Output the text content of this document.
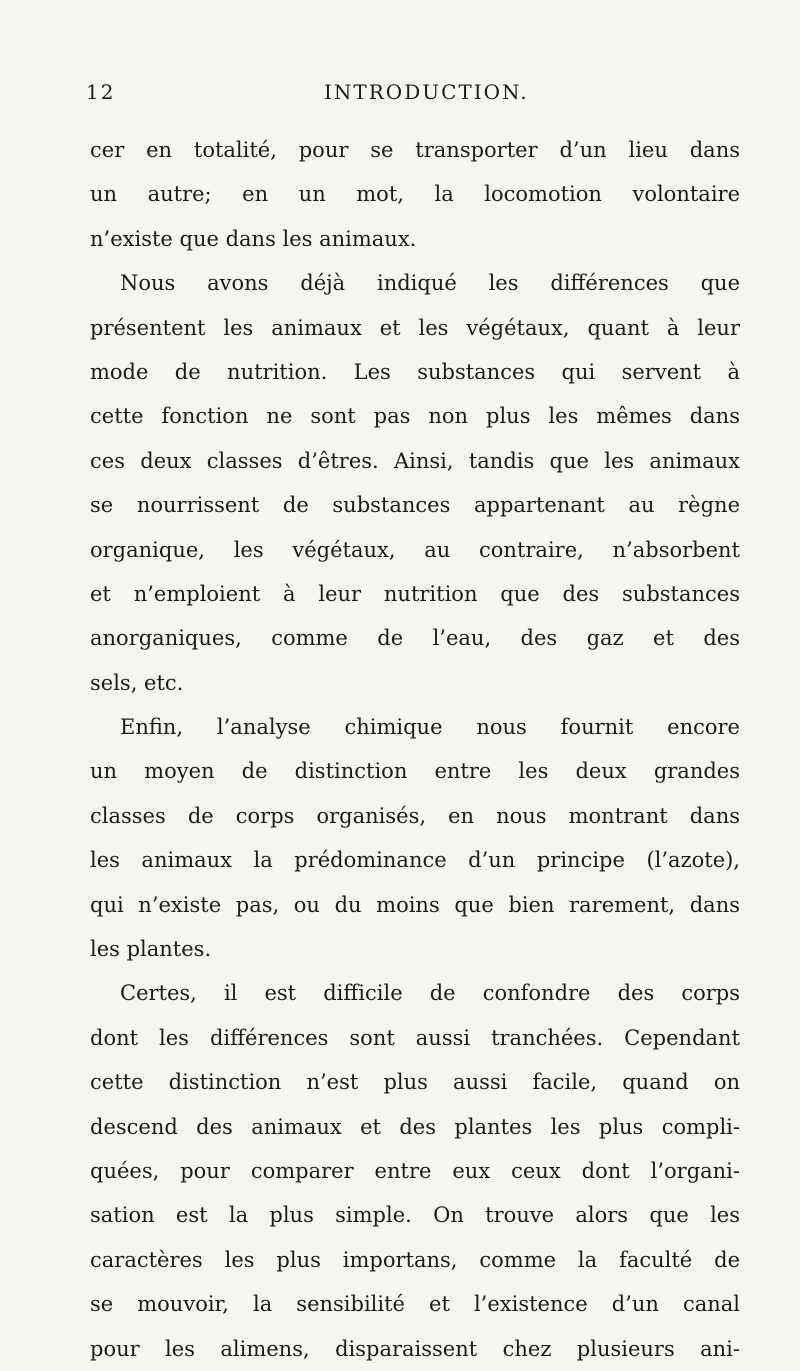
12	INTRODUCTION.
cer en totalité, pour se transporter d’un lieu dans
un autre; en un mot, la locomotion volontaire
n’existe que dans les animaux.
Nous avons déjà indiqué les différences que
présentent les animaux et les végétaux, quant à leur
mode de nutrition. Les substances qui servent à
cette fonction ne sont pas non plus les mêmes dans
ces deux classes d’êtres. Ainsi, tandis que les animaux
se nourrissent de substances appartenant au règne
organique, les végétaux, au contraire, n’absorbent
et n’emploient à leur nutrition que des substances
anorganiques, comme de l’eau, des gaz et des
sels, etc.
Enfin, l’analyse chimique nous fournit encore
un moyen de distinction entre les deux grandes
classes de corps organisés, en nous montrant dans
les animaux la prédominance d’un principe (l’azote),
qui n’existe pas, ou du moins que bien rarement, dans
les plantes.
Certes, il est difficile de confondre des corps
dont les différences sont aussi tranchées. Cependant
cette distinction n’est plus aussi facile, quand on
descend des animaux et des plantes les plus compli-
quées, pour comparer entre eux ceux dont l’organi-
sation est la plus simple. On trouve alors que les
caractères les plus importans, comme la faculté de
se mouvoir, la sensibilité et l’existence d’un canal
pour les alimens, disparaissent chez plusieurs ani-
